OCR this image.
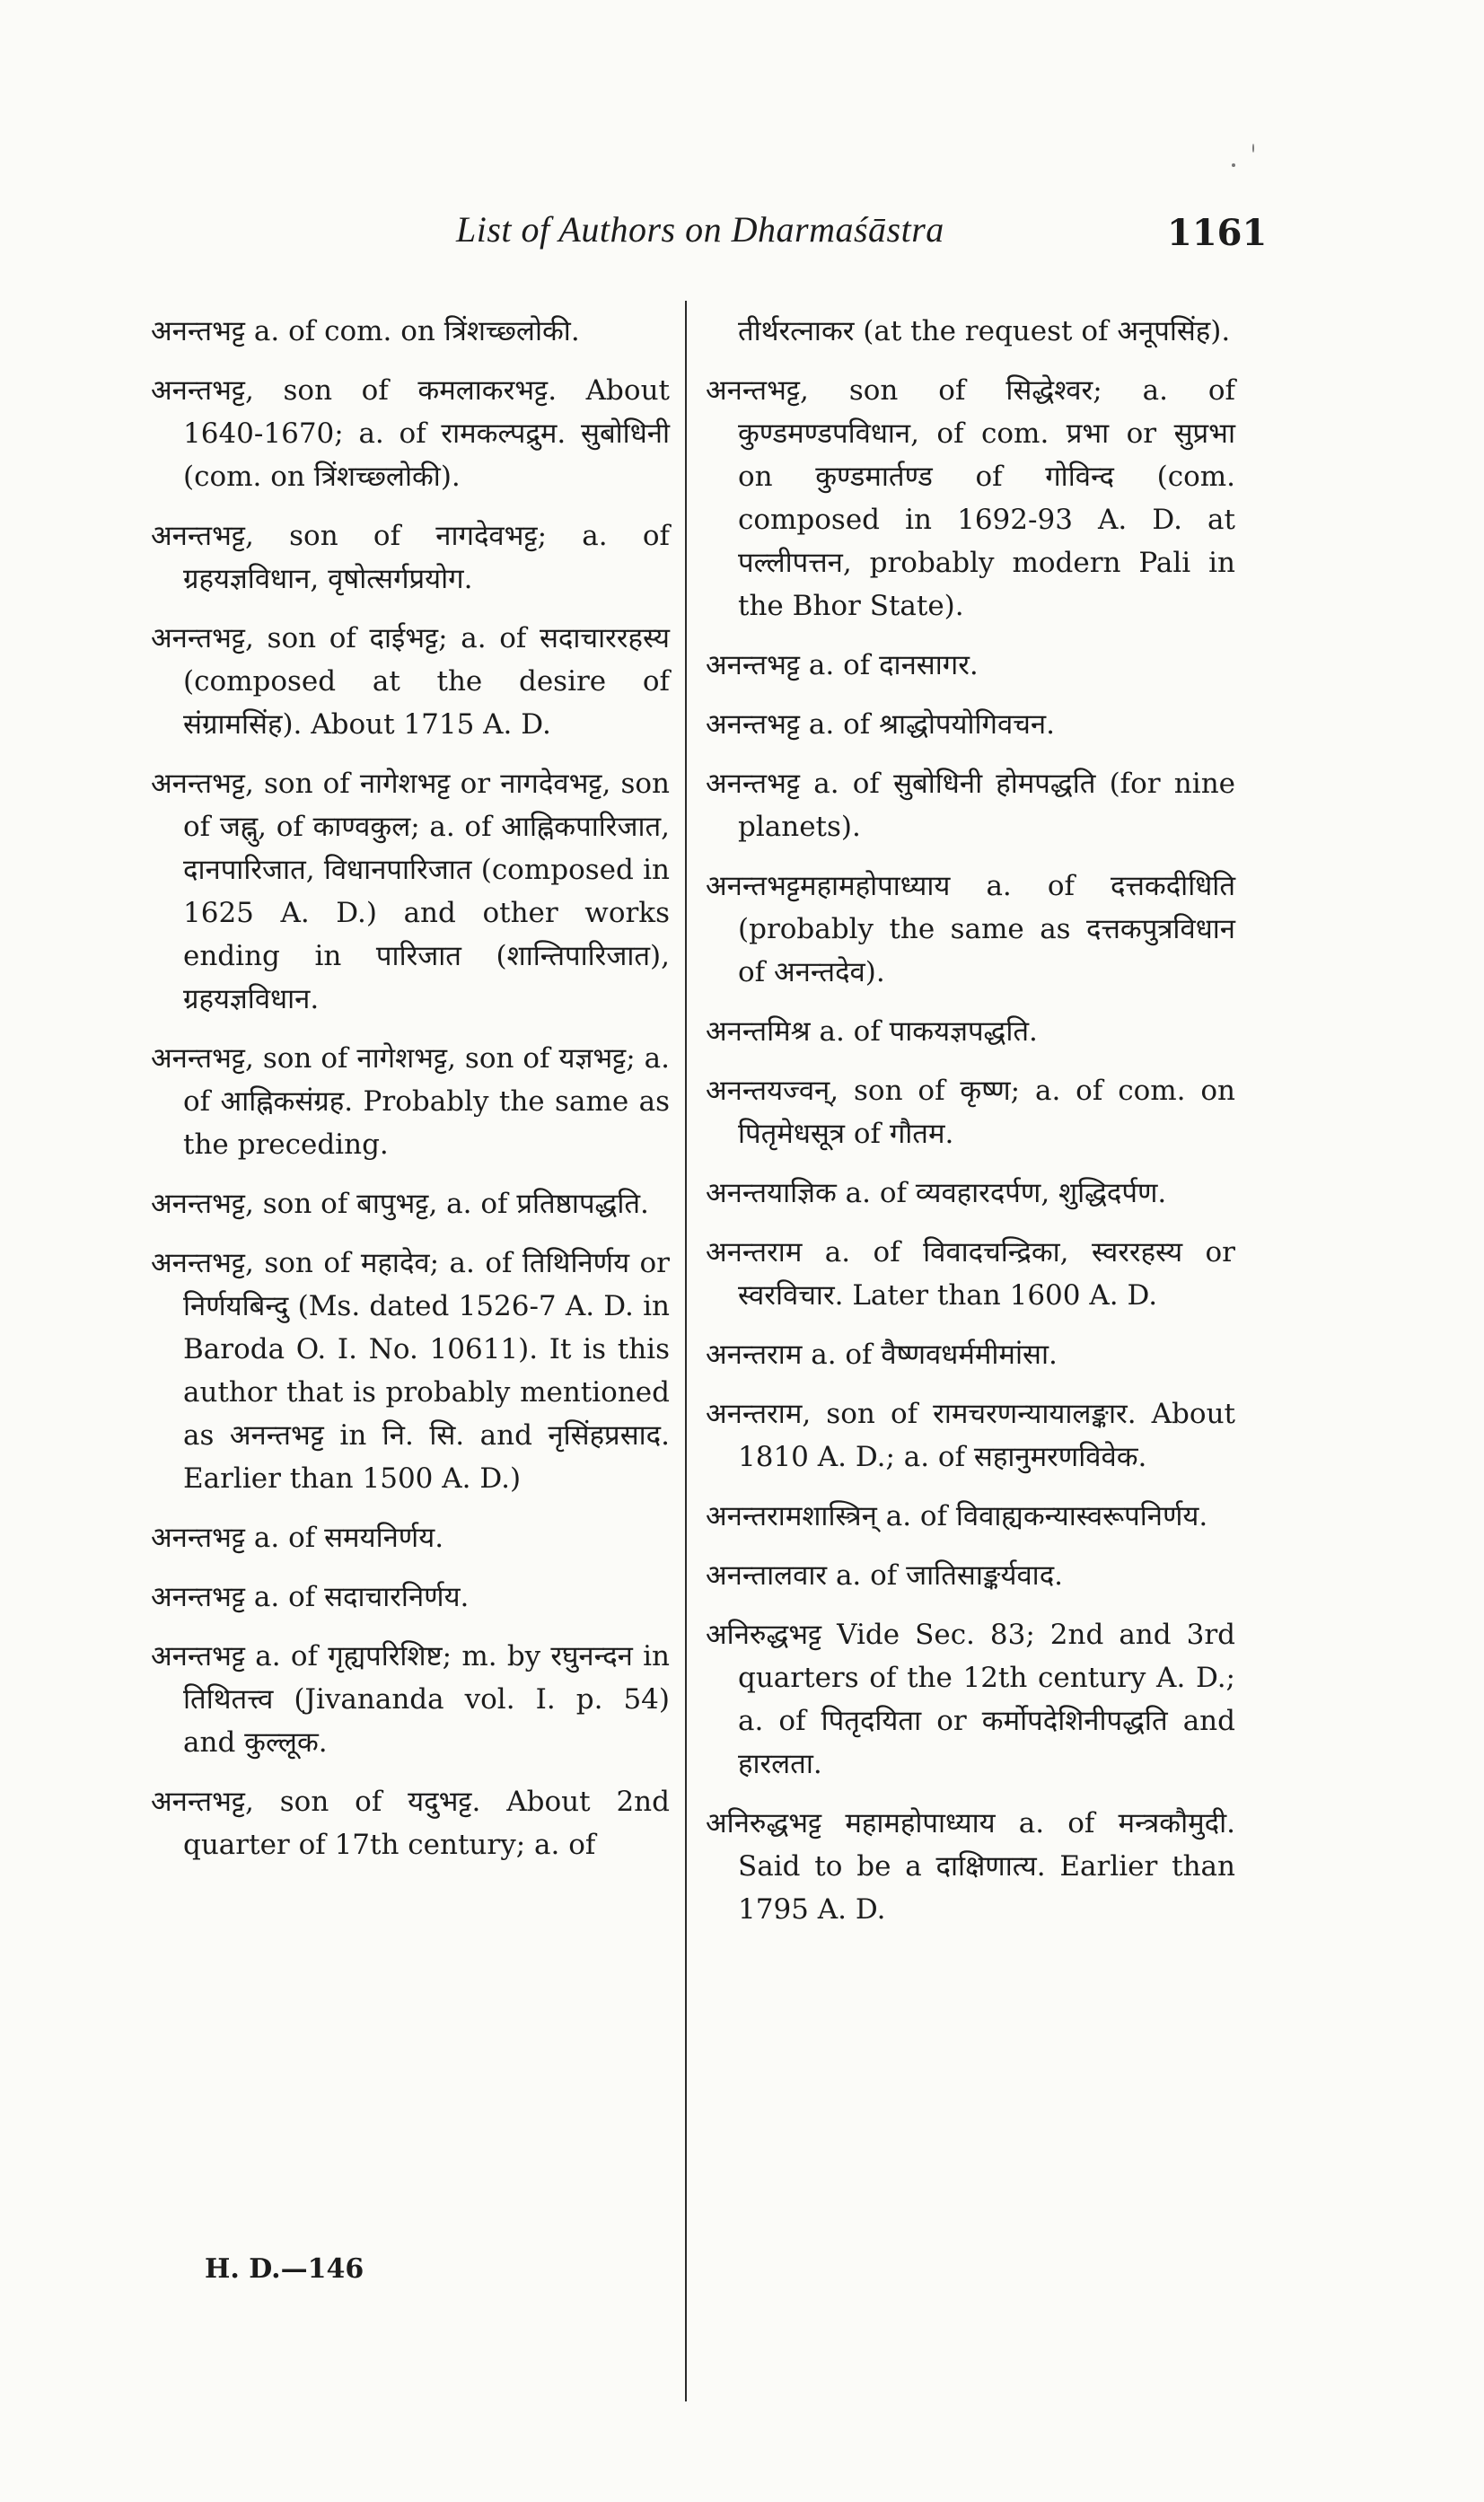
List of Authors on Dharmaśāstra	1161

अनन्तभट्ट a. of com. on त्रिंशच्छ्लोकी.

अनन्तभट्ट, son of कमलाकरभट्ट. About 1640-1670; a. of रामकल्पद्रुम. सुबोधिनी (com. on त्रिंशच्छ्लोकी).

अनन्तभट्ट, son of नागदेवभट्ट; a. of ग्रहयज्ञविधान, वृषोत्सर्गप्रयोग.

अनन्तभट्ट, son of दाईभट्ट; a. of सदाचाररहस्य (composed at the desire of संग्रामसिंह). About 1715 A. D.

अनन्तभट्ट, son of नागेशभट्ट or नागदेवभट्ट, son of जह्नु, of काण्वकुल; a. of आह्निकपारिजात, दानपारिजात, विधानपारिजात (composed in 1625 A. D.) and other works ending in पारिजात (शान्तिपारिजात), ग्रहयज्ञविधान.

अनन्तभट्ट, son of नागेशभट्ट, son of यज्ञभट्ट; a. of आह्निकसंग्रह. Probably the same as the preceding.

अनन्तभट्ट, son of बापुभट्ट, a. of प्रतिष्ठापद्धति.

अनन्तभट्ट, son of महादेव; a. of तिथिनिर्णय or निर्णयबिन्दु (Ms. dated 1526-7 A. D. in Baroda O. I. No. 10611). It is this author that is probably mentioned as अनन्तभट्ट in नि. सि. and नृसिंहप्रसाद. Earlier than 1500 A. D.)

अनन्तभट्ट a. of समयनिर्णय.

अनन्तभट्ट a. of सदाचारनिर्णय.

अनन्तभट्ट a. of गृह्यपरिशिष्ट; m. by रघुनन्दन in तिथितत्त्व (Jivananda vol. I. p. 54) and कुल्लूक.

अनन्तभट्ट, son of यदुभट्ट. About 2nd quarter of 17th century; a. of

तीर्थरत्नाकर (at the request of अनूपसिंह).

अनन्तभट्ट, son of सिद्धेश्वर; a. of कुण्डमण्डपविधान, of com. प्रभा or सुप्रभा on कुण्डमार्तण्ड of गोविन्द (com. composed in 1692-93 A. D. at पल्लीपत्तन, probably modern Pali in the Bhor State).

अनन्तभट्ट a. of दानसागर.

अनन्तभट्ट a. of श्राद्धोपयोगिवचन.

अनन्तभट्ट a. of सुबोधिनी होमपद्धति (for nine planets).

अनन्तभट्टमहामहोपाध्याय a. of दत्तकदीधिति (probably the same as दत्तकपुत्रविधान of अनन्तदेव).

अनन्तमिश्र a. of पाकयज्ञपद्धति.

अनन्तयज्वन्, son of कृष्ण; a. of com. on पितृमेधसूत्र of गौतम.

अनन्तयाज्ञिक a. of व्यवहारदर्पण, शुद्धिदर्पण.

अनन्तराम a. of विवादचन्द्रिका, स्वररहस्य or स्वरविचार. Later than 1600 A. D.

अनन्तराम a. of वैष्णवधर्ममीमांसा.

अनन्तराम, son of रामचरणन्यायालङ्कार. About 1810 A. D.; a. of सहानुमरणविवेक.

अनन्तरामशास्त्रिन् a. of विवाह्यकन्यास्वरूपनिर्णय.

अनन्तालवार a. of जातिसाङ्कर्यवाद.

अनिरुद्धभट्ट Vide Sec. 83; 2nd and 3rd quarters of the 12th century A. D.; a. of पितृदयिता or कर्मोपदेशिनीपद्धति and हारलता.

अनिरुद्धभट्ट महामहोपाध्याय a. of मन्त्रकौमुदी. Said to be a दाक्षिणात्य. Earlier than 1795 A. D.

H. D.—146
